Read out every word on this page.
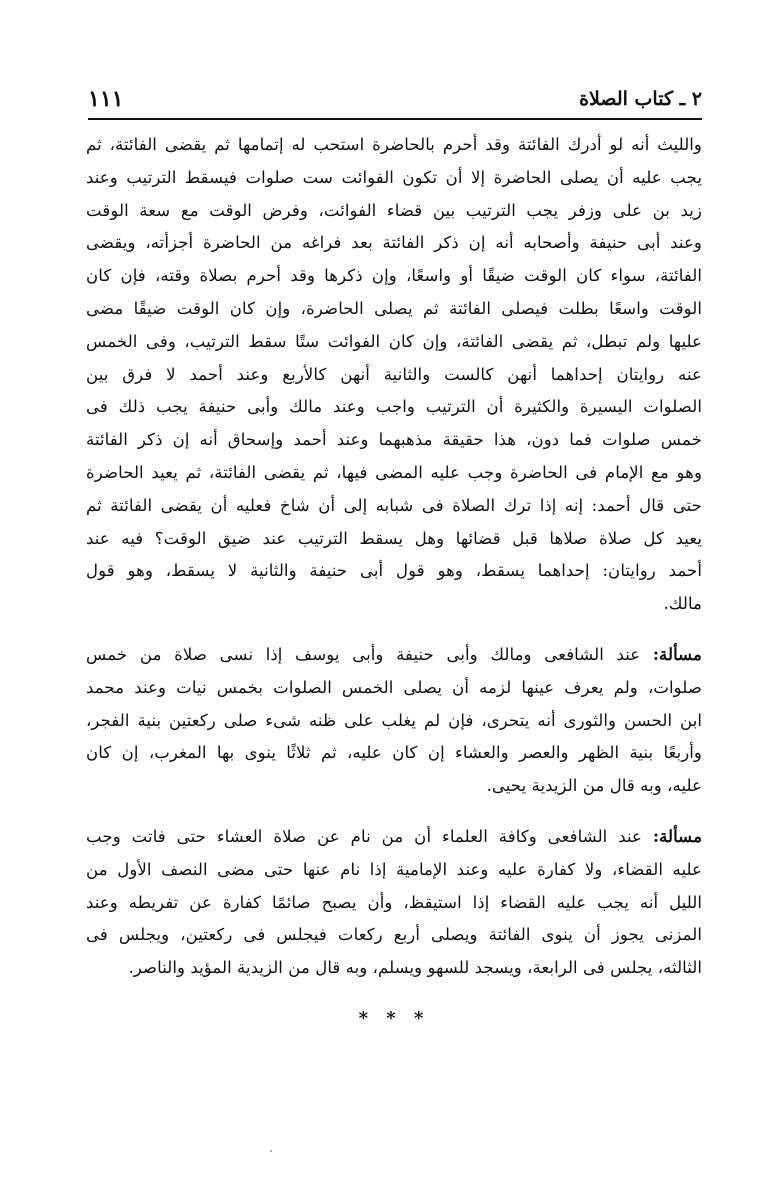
٢ ـ كتاب الصلاة
١١١
والليث أنه لو أدرك الفائتة وقد أحرم بالحاضرة استحب له إتمامها ثم يقضى الفائتة، ثم
يجب عليه أن يصلى الحاضرة إلا أن تكون الفوائت ست صلوات فيسقط الترتيب وعند
زيد بن على وزفر يجب الترتيب بين قضاء الفوائت، وفرض الوقت مع سعة الوقت
وعند أبى حنيفة وأصحابه أنه إن ذكر الفائتة بعد فراغه من الحاضرة أجزأته، ويقضى
الفائتة، سواء كان الوقت ضيقًا أو واسعًا، وإن ذكرها وقد أحرم بصلاة وقته، فإن كان
الوقت واسعًا بطلت فيصلى الفائتة ثم يصلى الحاضرة، وإن كان الوقت ضيقًا مضى
عليها ولم تبطل، ثم يقضى الفائتة، وإن كان الفوائت ستًا سقط الترتيب، وفى الخمس
عنه روايتان إحداهما أنهن كالست والثانية أنهن كالأربع وعند أحمد لا فرق بين
الصلوات اليسيرة والكثيرة أن الترتيب واجب وعند مالك وأبى حنيفة يجب ذلك فى
خمس صلوات فما دون، هذا حقيقة مذهبهما وعند أحمد وإسحاق أنه إن ذكر الفائتة
وهو مع الإمام فى الحاضرة وجب عليه المضى فيها، ثم يقضى الفائتة، ثم يعيد الحاضرة
حتى قال أحمد: إنه إذا ترك الصلاة فى شبابه إلى أن شاخ فعليه أن يقضى الفائتة ثم
يعيد كل صلاة صلاها قبل قضائها وهل يسقط الترتيب عند ضيق الوقت؟ فيه عند
أحمد روايتان: إحداهما يسقط، وهو قول أبى حنيفة والثانية لا يسقط، وهو قول
مالك.
مسألة: عند الشافعى ومالك وأبى حنيفة وأبى يوسف إذا نسى صلاة من خمس
صلوات، ولم يعرف عينها لزمه أن يصلى الخمس الصلوات بخمس نيات وعند محمد
ابن الحسن والثورى أنه يتحرى، فإن لم يغلب على ظنه شىء صلى ركعتين بنية الفجر،
وأربعًا بنية الظهر والعصر والعشاء إن كان عليه، ثم ثلاثًا ينوى بها المغرب، إن كان
عليه، وبه قال من الزيدية يحيى.
مسألة: عند الشافعى وكافة العلماء أن من نام عن صلاة العشاء حتى فاتت وجب
عليه القضاء، ولا كفارة عليه وعند الإمامية إذا نام عنها حتى مضى النصف الأول من
الليل أنه يجب عليه القضاء إذا استيقظ، وأن يصبح صائمًا كفارة عن تفريطه وعند
المزنى يجوز أن ينوى الفائتة ويصلى أربع ركعات فيجلس فى ركعتين، ويجلس فى
الثالثه، يجلس فى الرابعة، ويسجد للسهو ويسلم، وبه قال من الزيدية المؤيد والناصر.
* * *
